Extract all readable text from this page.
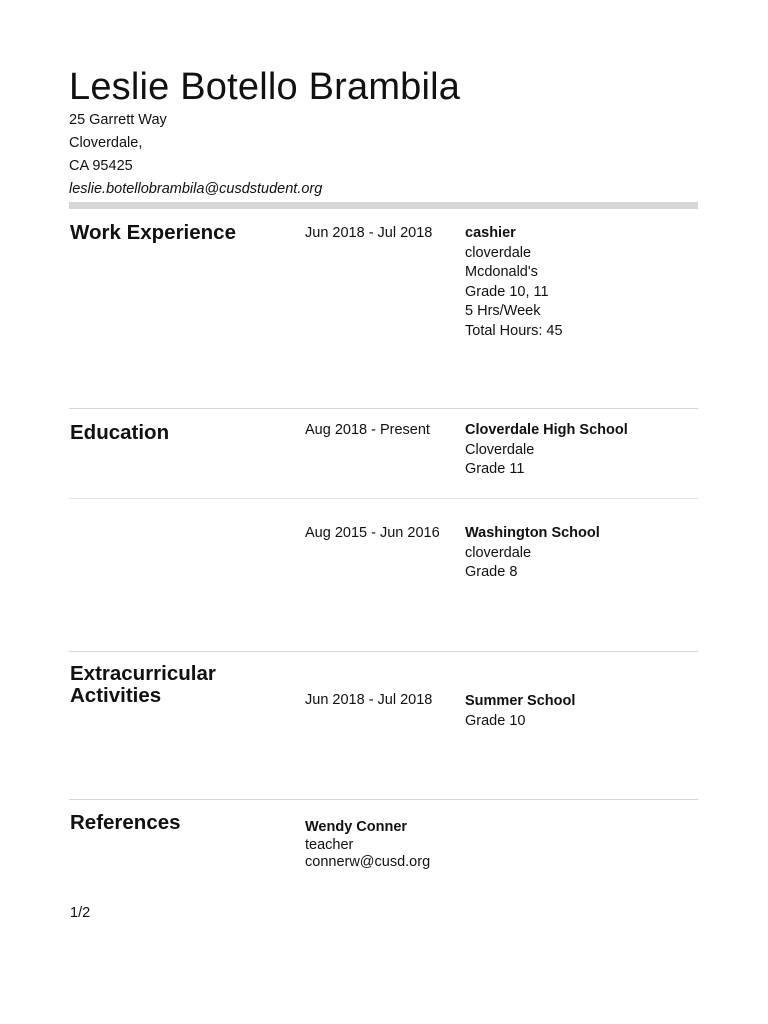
Leslie Botello Brambila
25 Garrett Way
Cloverdale,
CA 95425
leslie.botellobrambila@cusdstudent.org
Work Experience	Jun 2018 - Jul 2018 cashier
cloverdale
Mcdonald's
Grade 10, 11
5 Hrs/Week
Total Hours: 45
Education	Aug 2018 - Present Cloverdale High School
Cloverdale
Grade 11
Aug 2015 - Jun 2016 Washington School
cloverdale
Grade 8
Extracurricular
Activities	Jun 2018 - Jul 2018 Summer School
Grade 10
References	Wendy Conner
teacher
connerw@cusd.org
1/2
